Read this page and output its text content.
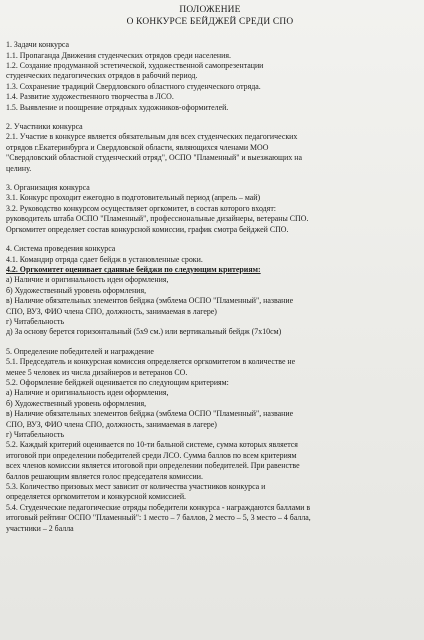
ПОЛОЖЕНИЕ
О КОНКУРСЕ БЕЙДЖЕЙ СРЕДИ СПО
1. Задачи конкурса
1.1. Пропаганда Движения студенческих отрядов среди населения.
1.2. Создание продуманной эстетической, художественной самопрезентации
студенческих педагогических отрядов в рабочий период.
1.3. Сохранение традиций Свердловского областного студенческого отряда.
1.4. Развитие художественного творчества в ЛСО.
1.5. Выявление и поощрение отрядных художников-оформителей.
2. Участники конкурса
2.1. Участие в конкурсе является обязательным для всех студенческих педагогических
отрядов г.Екатеринбурга и Свердловской области, являющихся членами МОО
"Свердловский областной студенческий отряд", ОСПО "Пламенный" и выезжающих на
целину.
3. Организация конкурса
3.1. Конкурс проходит ежегодно в подготовительный период (апрель – май)
3.2. Руководство конкурсом осуществляет оргкомитет, в состав которого входят:
руководитель штаба ОСПО "Пламенный", профессиональные дизайнеры, ветераны СПО.
Оргкомитет определяет состав конкурсной комиссии, график смотра бейджей СПО.
4. Система проведения конкурса
4.1. Командир отряда сдает бейдж в установленные сроки.
4.2. Оргкомитет оценивает сданные бейджи по следующим критериям:
а) Наличие и оригинальность идеи оформления,
б) Художественный уровень оформления,
в) Наличие обязательных элементов бейджа (эмблема ОСПО "Пламенный", название
СПО, ВУЗ, ФИО члена СПО, должность, занимаемая в лагере)
г) Читабельность
д) За основу берется горизонтальный (5х9 см.) или вертикальный бейдж (7х10см)
5. Определение победителей и награждение
5.1. Председатель и конкурсная комиссия определяется оргкомитетом в количестве не
менее 5 человек из числа дизайнеров и ветеранов СО.
5.2. Оформление бейджей оценивается по следующим критериям:
а) Наличие и оригинальность идеи оформления,
б) Художественный уровень оформления,
в) Наличие обязательных элементов бейджа (эмблема ОСПО "Пламенный", название
СПО, ВУЗ, ФИО члена СПО, должность, занимаемая в лагере)
г) Читабельность
5.2. Каждый критерий оценивается по 10-ти бальной системе, сумма которых является
итоговой при определении победителей среди ЛСО. Сумма баллов по всем критериям
всех членов комиссии является итоговой при определении победителей. При равенстве
баллов решающим является голос председателя комиссии.
5.3. Количество призовых мест зависит от количества участников конкурса и
определяется оргкомитетом и конкурсной комиссией.
5.4. Студенческие педагогические отряды победители конкурса - награждаются баллами в
итоговый рейтинг ОСПО "Пламенный": 1 место – 7 баллов, 2 место – 5, 3 место – 4 балла,
участники – 2 балла
